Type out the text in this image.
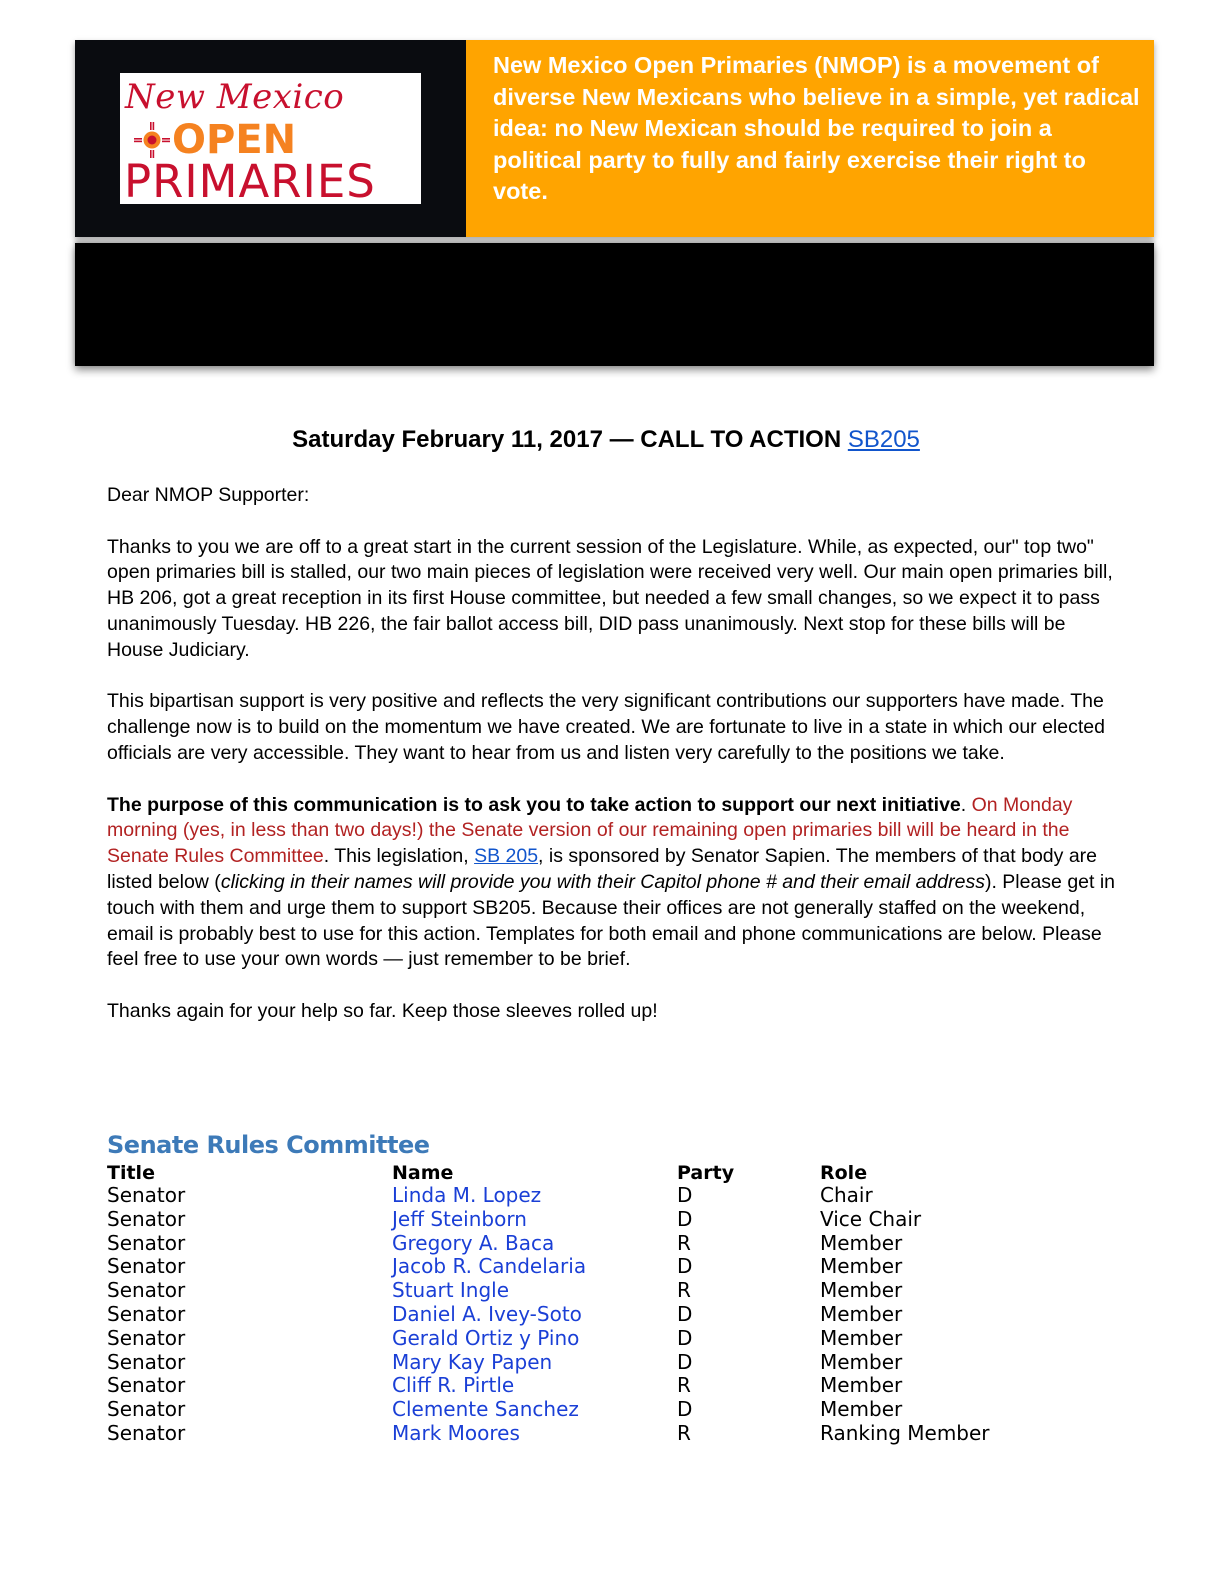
New Mexico
OPEN
PRIMARIES
New Mexico Open Primaries (NMOP) is a movement of diverse New Mexicans who believe in a simple, yet radical idea: no New Mexican should be required to join a political party to fully and fairly exercise their right to vote.
Saturday February 11, 2017 — CALL TO ACTION SB205

Dear NMOP Supporter:

Thanks to you we are off to a great start in the current session of the Legislature. While, as expected, our" top two" open primaries bill is stalled, our two main pieces of legislation were received very well. Our main open primaries bill, HB 206, got a great reception in its first House committee, but needed a few small changes, so we expect it to pass unanimously Tuesday. HB 226, the fair ballot access bill, DID pass unanimously. Next stop for these bills will be House Judiciary.

This bipartisan support is very positive and reflects the very significant contributions our supporters have made. The challenge now is to build on the momentum we have created. We are fortunate to live in a state in which our elected officials are very accessible. They want to hear from us and listen very carefully to the positions we take.

The purpose of this communication is to ask you to take action to support our next initiative. On Monday morning (yes, in less than two days!) the Senate version of our remaining open primaries bill will be heard in the Senate Rules Committee. This legislation, SB 205, is sponsored by Senator Sapien. The members of that body are listed below (clicking in their names will provide you with their Capitol phone # and their email address). Please get in touch with them and urge them to support SB205. Because their offices are not generally staffed on the weekend, email is probably best to use for this action. Templates for both email and phone communications are below. Please feel free to use your own words — just remember to be brief.

Thanks again for your help so far. Keep those sleeves rolled up!

Senate Rules Committee
Title	Name	Party	Role
Senator	Linda M. Lopez	D	Chair
Senator	Jeff Steinborn	D	Vice Chair
Senator	Gregory A. Baca	R	Member
Senator	Jacob R. Candelaria	D	Member
Senator	Stuart Ingle	R	Member
Senator	Daniel A. Ivey-Soto	D	Member
Senator	Gerald Ortiz y Pino	D	Member
Senator	Mary Kay Papen	D	Member
Senator	Cliff R. Pirtle	R	Member
Senator	Clemente Sanchez	D	Member
Senator	Mark Moores	R	Ranking Member
